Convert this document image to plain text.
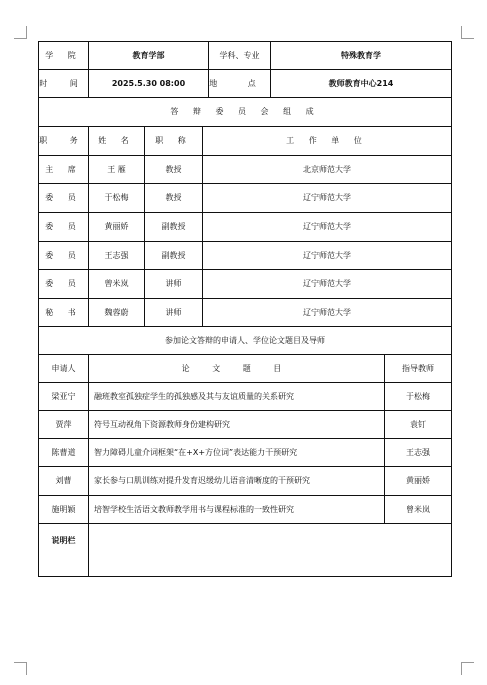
学 院	教育学部	学科、专业	特殊教育学
时 间	2025.5.30 08:00	地 点	教师教育中心214
答 辩 委 员 会 组 成
职 务	姓 名	职 称	工 作 单 位
主 席	王 雁	教授	北京师范大学
委 员	于松梅	教授	辽宁师范大学
委 员	黄丽娇	副教授	辽宁师范大学
委 员	王志强	副教授	辽宁师范大学
委 员	曾米岚	讲师	辽宁师范大学
秘 书	魏蓉蔚	讲师	辽宁师范大学
参加论文答辩的申请人、学位论文题目及导师
申请人	论 文 题 目	指导教师
梁亚宁	融班教室孤独症学生的孤独感及其与友谊质量的关系研究	于松梅
贾萍	符号互动视角下资源教师身份建构研究	袁钉
陈曹道	智力障碍儿童介词框架“在+X+方位词”表达能力干预研究	王志强
刘曹	家长参与口肌训练对提升发育迟缓幼儿语音清晰度的干预研究	黄丽娇
施明颖	培智学校生活语文教师教学用书与课程标准的一致性研究	曾米岚
说明栏
